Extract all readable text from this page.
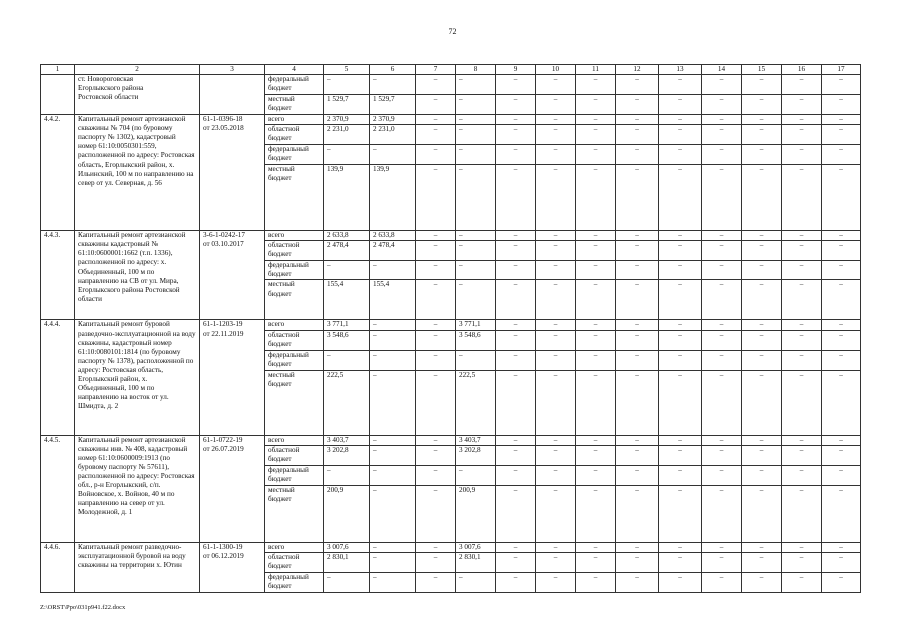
72
1	2	3	4	5	6	7	8	9	10	11	12	13	14	15	16	17
	ст. Новороговская
Егорлыкского района
Ростовской области		федеральный бюджет	–	–	–	–	–	–	–	–	–	–	–	–	–
			местный бюджет	1 529,7	1 529,7	–	–	–	–	–	–	–	–	–	–	–
4.4.2.	Капитальный ремонт артезианской скважины № 704 (по буровому паспорту № 1302), кадастровый номер 61:10:0050301:559, расположенной по адресу: Ростовская область, Егорлыкский район, х. Ильинский, 100 м по направлению на север от ул. Северная, д. 56	61-1-0396-18
от 23.05.2018	всего	2 370,9	2 370,9	–	–	–	–	–	–	–	–	–	–	–
			областной бюджет	2 231,0	2 231,0	–	–	–	–	–	–	–	–	–	–	–
			федеральный бюджет	–	–	–	–	–	–	–	–	–	–	–	–	–
			местный бюджет	139,9	139,9	–	–	–	–	–	–	–	–	–	–	–
4.4.3.	Капитальный ремонт артезианской скважины кадастровый № 61:10:0600001:1662 (т.п. 1336), расположенной по адресу: х. Объединенный, 100 м по направлению на СВ от ул. Мира, Егорлыкского района Ростовской области	3-6-1-0242-17
от 03.10.2017	всего	2 633,8	2 633,8	–	–	–	–	–	–	–	–	–	–	–
			областной бюджет	2 478,4	2 478,4	–	–	–	–	–	–	–	–	–	–	–
			федеральный бюджет	–	–	–	–	–	–	–	–	–	–	–	–	–
			местный бюджет	155,4	155,4	–	–	–	–	–	–	–	–	–	–	–
4.4.4.	Капитальный ремонт буровой разведочно-эксплуатационной на воду скважины, кадастровый номер 61:10:0080101:1814 (по буровому паспорту № 1378), расположенной по адресу: Ростовская область, Егорлыкский район, х. Объединенный, 100 м по направлению на восток от ул. Шмидта, д. 2	61-1-1203-19
от 22.11.2019	всего	3 771,1	–	–	3 771,1	–	–	–	–	–	–	–	–	–
			областной бюджет	3 548,6	–	–	3 548,6	–	–	–	–	–	–	–	–	–
			федеральный бюджет	–	–	–	–	–	–	–	–	–	–	–	–	–
			местный бюджет	222,5	–	–	222,5	–	–	–	–	–	–	–	–	–
4.4.5.	Капитальный ремонт артезианской скважины инв. № 408, кадастровый номер 61:10:0600009:1913 (по буровому паспорту № 57611), расположенной по адресу: Ростовская обл., р-н Егорлыкский, с/п. Войновское, х. Войнов, 40 м по направлению на север от ул. Молодежной, д. 1	61-1-0722-19
от 26.07.2019	всего	3 403,7	–	–	3 403,7	–	–	–	–	–	–	–	–	–
			областной бюджет	3 202,8	–	–	3 202,8	–	–	–	–	–	–	–	–	–
			федеральный бюджет	–	–	–	–	–	–	–	–	–	–	–	–	–
			местный бюджет	200,9	–	–	200,9	–	–	–	–	–	–	–	–	–
4.4.6.	Капитальный ремонт разведочно-эксплуатационной буровой на воду скважины на территории х. Ютин	61-1-1300-19
от 06.12.2019	всего	3 007,6	–	–	3 007,6	–	–	–	–	–	–	–	–	–
			областной бюджет	2 830,1	–	–	2 830,1	–	–	–	–	–	–	–	–	–
			федеральный бюджет	–	–	–	–	–	–	–	–	–	–	–	–	–
Z:\ORST\Ppo\031p941.f22.docx
